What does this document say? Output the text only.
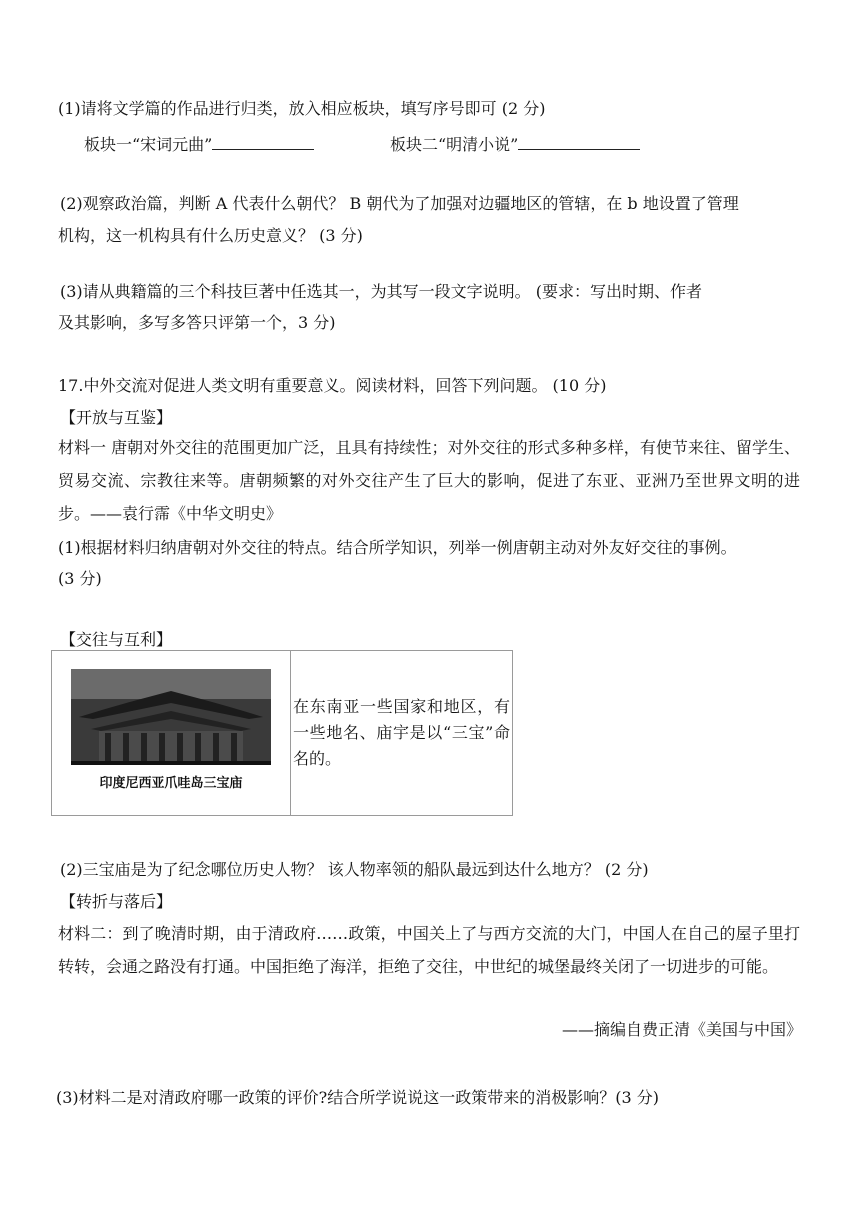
(1)请将文学篇的作品进行归类，放入相应板块，填写序号即可 (2 分)
板块一“宋词元曲”	板块二“明清小说”
(2)观察政治篇，判断 A 代表什么朝代？ B 朝代为了加强对边疆地区的管辖，在 b 地设置了管理
机构，这一机构具有什么历史意义？ (3 分)
(3)请从典籍篇的三个科技巨著中任选其一，为其写一段文字说明。 (要求：写出时期、作者
及其影响，多写多答只评第一个，3 分)
17.中外交流对促进人类文明有重要意义。阅读材料，回答下列问题。 (10 分)
【开放与互鉴】
材料一 唐朝对外交往的范围更加广泛，且具有持续性；对外交往的形式多种多样，有使节来往、留学生、贸易交流、宗教往来等。唐朝频繁的对外交往产生了巨大的影响，促进了东亚、亚洲乃至世界文明的进步。——袁行霈《中华文明史》
(1)根据材料归纳唐朝对外交往的特点。结合所学知识，列举一例唐朝主动对外友好交往的事例。
(3 分)
【交往与互利】
印度尼西亚爪哇岛三宝庙
	在东南亚一些国家和地区，有一些地名、庙宇是以“三宝”命名的。
(2)三宝庙是为了纪念哪位历史人物？ 该人物率领的船队最远到达什么地方？ (2 分)
【转折与落后】
材料二：到了晚清时期，由于清政府……政策，中国关上了与西方交流的大门，中国人在自己的屋子里打转转，会通之路没有打通。中国拒绝了海洋，拒绝了交往，中世纪的城堡最终关闭了一切进步的可能。
——摘编自费正清《美国与中国》
(3)材料二是对清政府哪一政策的评价?结合所学说说这一政策带来的消极影响？(3 分)
